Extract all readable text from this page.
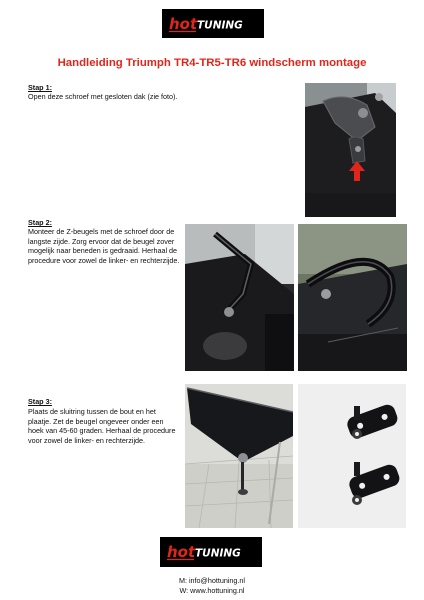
hot TUNING
Handleiding Triumph TR4-TR5-TR6 windscherm montage
Stap 1:
Open deze schroef met gesloten dak (zie foto).
Stap 2:
Monteer de Z-beugels met de schroef door de langste zijde. Zorg ervoor dat de beugel zover mogelijk naar beneden is gedraaid. Herhaal de procedure voor zowel de linker- en rechterzijde.
Stap 3:
Plaats de sluitring tussen de bout en het plaatje. Zet de beugel ongeveer onder een hoek van 45-60 graden. Herhaal de procedure voor zowel de linker- en rechterzijde.
hot TUNING
M: info@hottuning.nl
W: www.hottuning.nl
